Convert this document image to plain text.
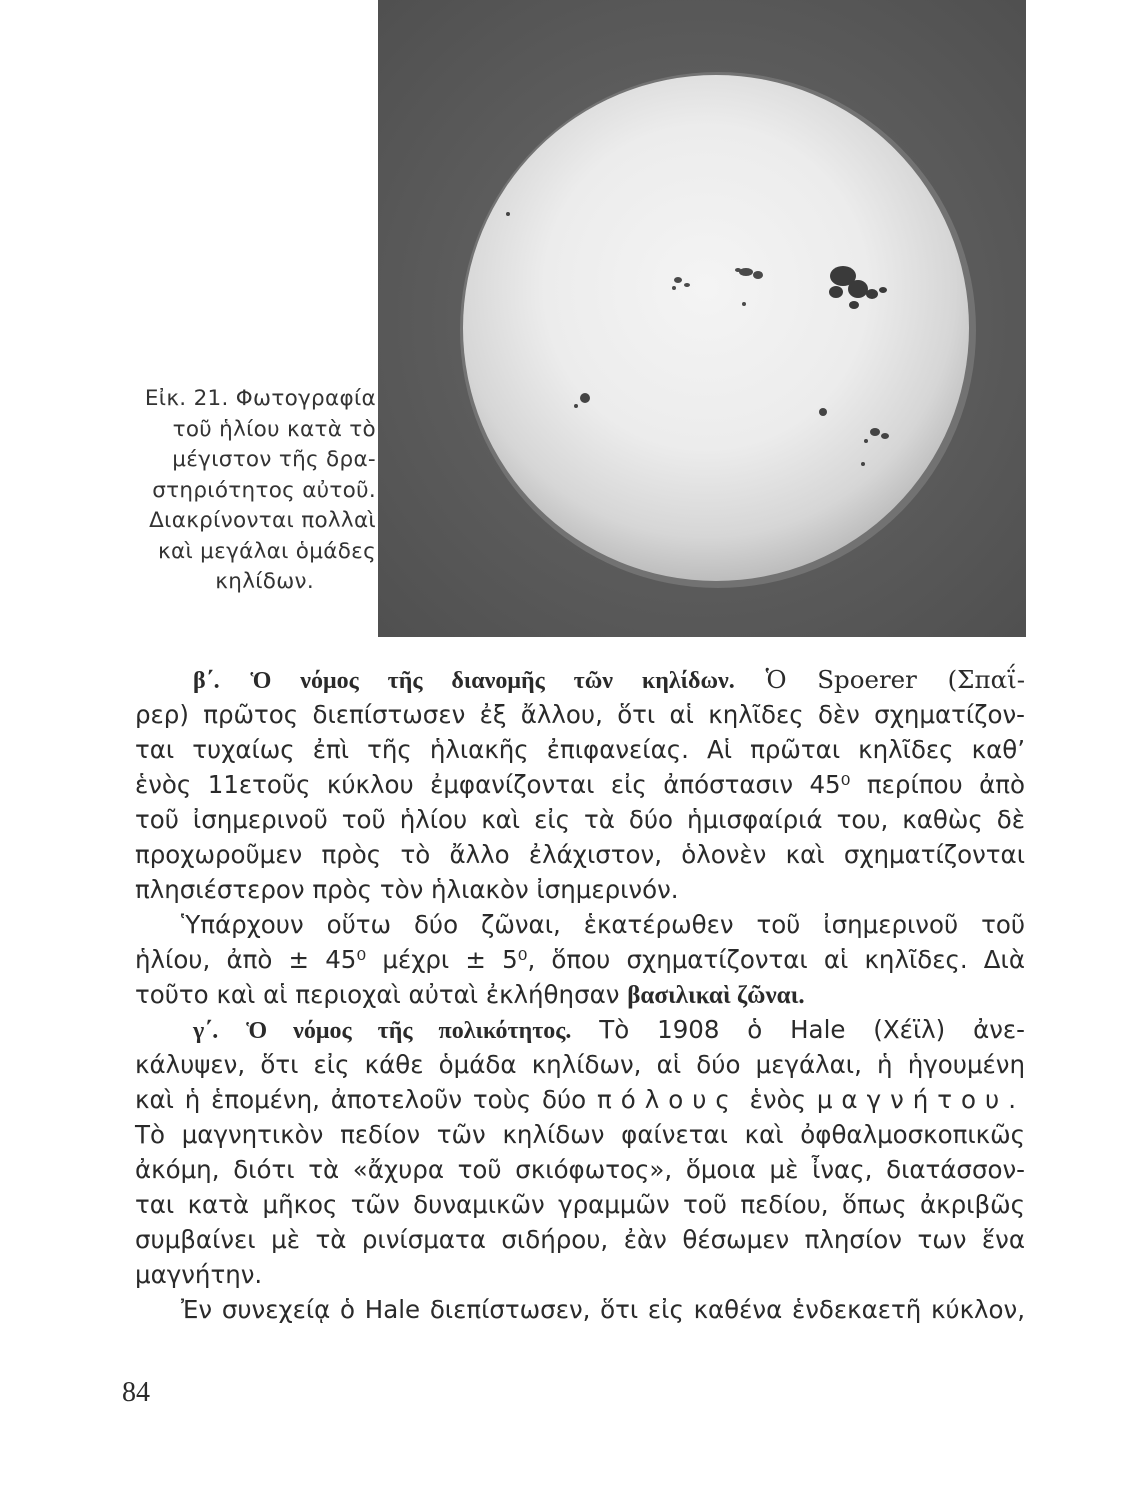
Εἰκ. 21. Φωτογραφία
τοῦ ἡλίου κατὰ τὸ
μέγιστον τῆς δρα-
στηριότητος αὐτοῦ.
Διακρίνονται πολλαὶ
καὶ μεγάλαι ὁμάδες
κηλίδων.
β΄. Ὁ νόμος τῆς διανομῆς τῶν κηλίδων. Ὁ Spoerer (Σπαΐ-
ρερ) πρῶτος διεπίστωσεν ἐξ ἄλλου, ὅτι αἱ κηλῖδες δὲν σχηματίζον-
ται τυχαίως ἐπὶ τῆς ἡλιακῆς ἐπιφανείας. Αἱ πρῶται κηλῖδες καθ’
ἑνὸς 11ετοῦς κύκλου ἐμφανίζονται εἰς ἀπόστασιν 45⁰ περίπου ἀπὸ
τοῦ ἰσημερινοῦ τοῦ ἡλίου καὶ εἰς τὰ δύο ἡμισφαίριά του, καθὼς δὲ
προχωροῦμεν πρὸς τὸ ἄλλο ἐλάχιστον, ὁλονὲν καὶ σχηματίζονται
πλησιέστερον πρὸς τὸν ἡλιακὸν ἰσημερινόν.
Ὑπάρχουν οὕτω δύο ζῶναι, ἑκατέρωθεν τοῦ ἰσημερινοῦ τοῦ
ἡλίου, ἀπὸ ± 45⁰ μέχρι ± 5⁰, ὅπου σχηματίζονται αἱ κηλῖδες. Διὰ
τοῦτο καὶ αἱ περιοχαὶ αὐταὶ ἐκλήθησαν βασιλικαὶ ζῶναι.
γ΄. Ὁ νόμος τῆς πολικότητος. Τὸ 1908 ὁ Hale (Χέϊλ) ἀνε-
κάλυψεν, ὅτι εἰς κάθε ὁμάδα κηλίδων, αἱ δύο μεγάλαι, ἡ ἡγουμένη
καὶ ἡ ἑπομένη, ἀποτελοῦν τοὺς δύο πόλους ἑνὸς μαγνήτου.
Τὸ μαγνητικὸν πεδίον τῶν κηλίδων φαίνεται καὶ ὀφθαλμοσκοπικῶς
ἀκόμη, διότι τὰ «ἄχυρα τοῦ σκιόφωτος», ὅμοια μὲ ἶνας, διατάσσον-
ται κατὰ μῆκος τῶν δυναμικῶν γραμμῶν τοῦ πεδίου, ὅπως ἀκριβῶς
συμβαίνει μὲ τὰ ρινίσματα σιδήρου, ἐὰν θέσωμεν πλησίον των ἕνα
μαγνήτην.
Ἐν συνεχείᾳ ὁ Hale διεπίστωσεν, ὅτι εἰς καθένα ἑνδεκαετῆ κύκλον,
84
